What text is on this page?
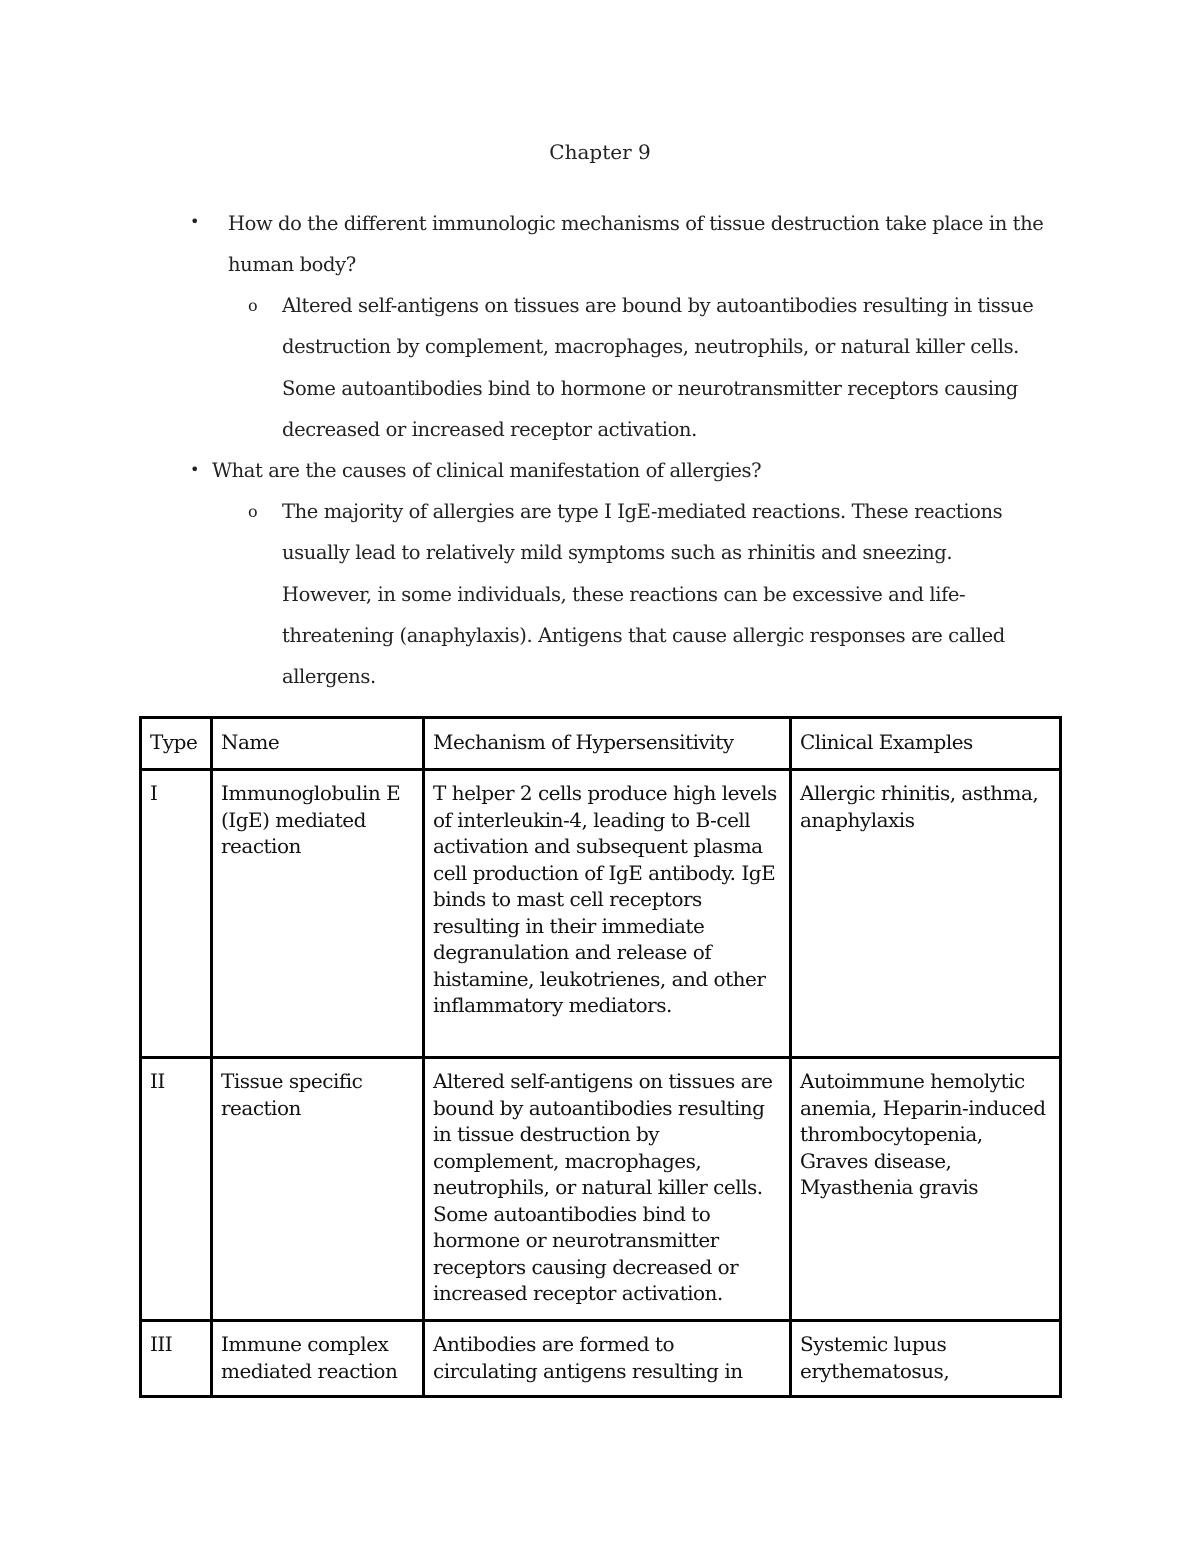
Chapter 9
• How do the different immunologic mechanisms of tissue destruction take place in the human body?
o Altered self-antigens on tissues are bound by autoantibodies resulting in tissue destruction by complement, macrophages, neutrophils, or natural killer cells. Some autoantibodies bind to hormone or neurotransmitter receptors causing decreased or increased receptor activation.
• What are the causes of clinical manifestation of allergies?
o The majority of allergies are type I IgE-mediated reactions. These reactions usually lead to relatively mild symptoms such as rhinitis and sneezing. However, in some individuals, these reactions can be excessive and life-threatening (anaphylaxis). Antigens that cause allergic responses are called allergens.
Type	Name	Mechanism of Hypersensitivity	Clinical Examples
I	Immunoglobulin E (IgE) mediated reaction	T helper 2 cells produce high levels of interleukin-4, leading to B-cell activation and subsequent plasma cell production of IgE antibody. IgE binds to mast cell receptors resulting in their immediate degranulation and release of histamine, leukotrienes, and other inflammatory mediators.	Allergic rhinitis, asthma, anaphylaxis
II	Tissue specific reaction	Altered self-antigens on tissues are bound by autoantibodies resulting in tissue destruction by complement, macrophages, neutrophils, or natural killer cells. Some autoantibodies bind to hormone or neurotransmitter receptors causing decreased or increased receptor activation.	Autoimmune hemolytic anemia, Heparin-induced thrombocytopenia, Graves disease, Myasthenia gravis
III	Immune complex mediated reaction	Antibodies are formed to circulating antigens resulting in	Systemic lupus erythematosus,
